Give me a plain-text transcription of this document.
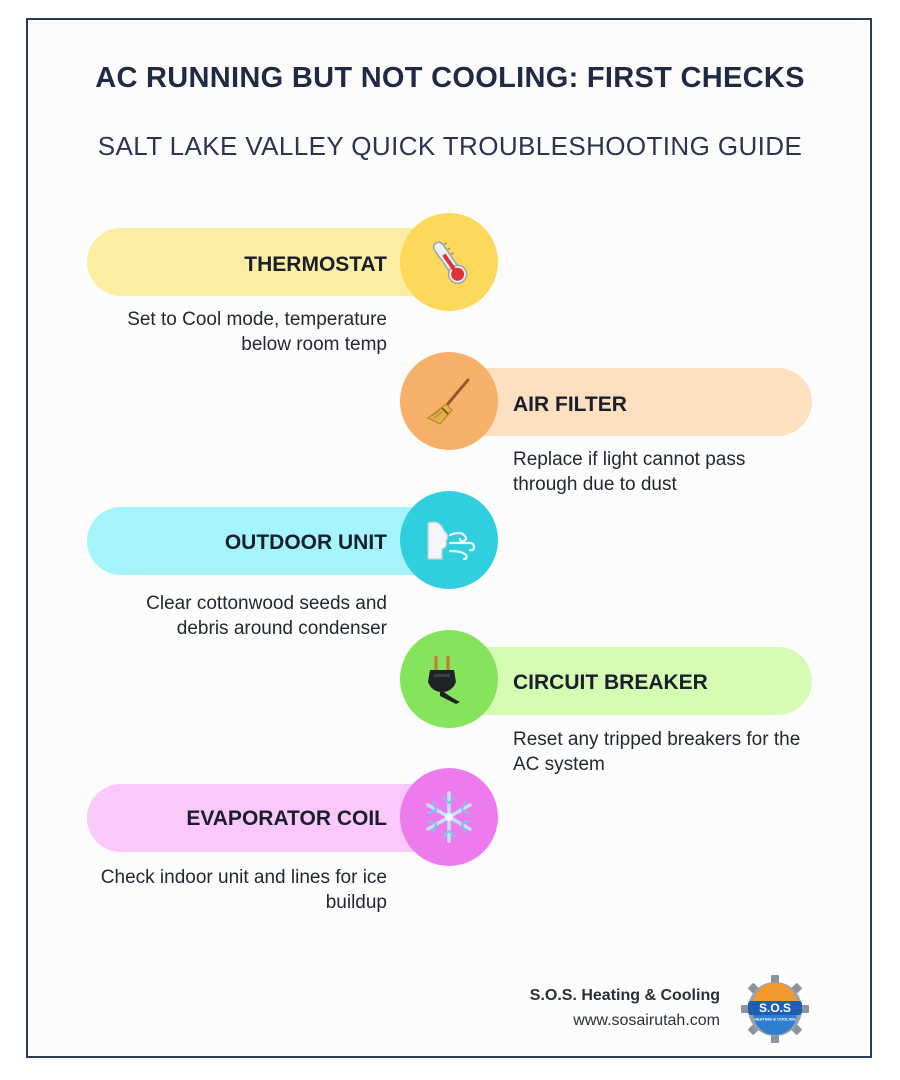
AC RUNNING BUT NOT COOLING: FIRST CHECKS
SALT LAKE VALLEY QUICK TROUBLESHOOTING GUIDE
THERMOSTAT
Set to Cool mode, temperature below room temp
AIR FILTER
Replace if light cannot pass through due to dust
OUTDOOR UNIT
Clear cottonwood seeds and debris around condenser
CIRCUIT BREAKER
Reset any tripped breakers for the AC system
EVAPORATOR COIL
Check indoor unit and lines for ice buildup
S.O.S. Heating & Cooling
www.sosairutah.com
S.O.S
HEATING & COOLING
